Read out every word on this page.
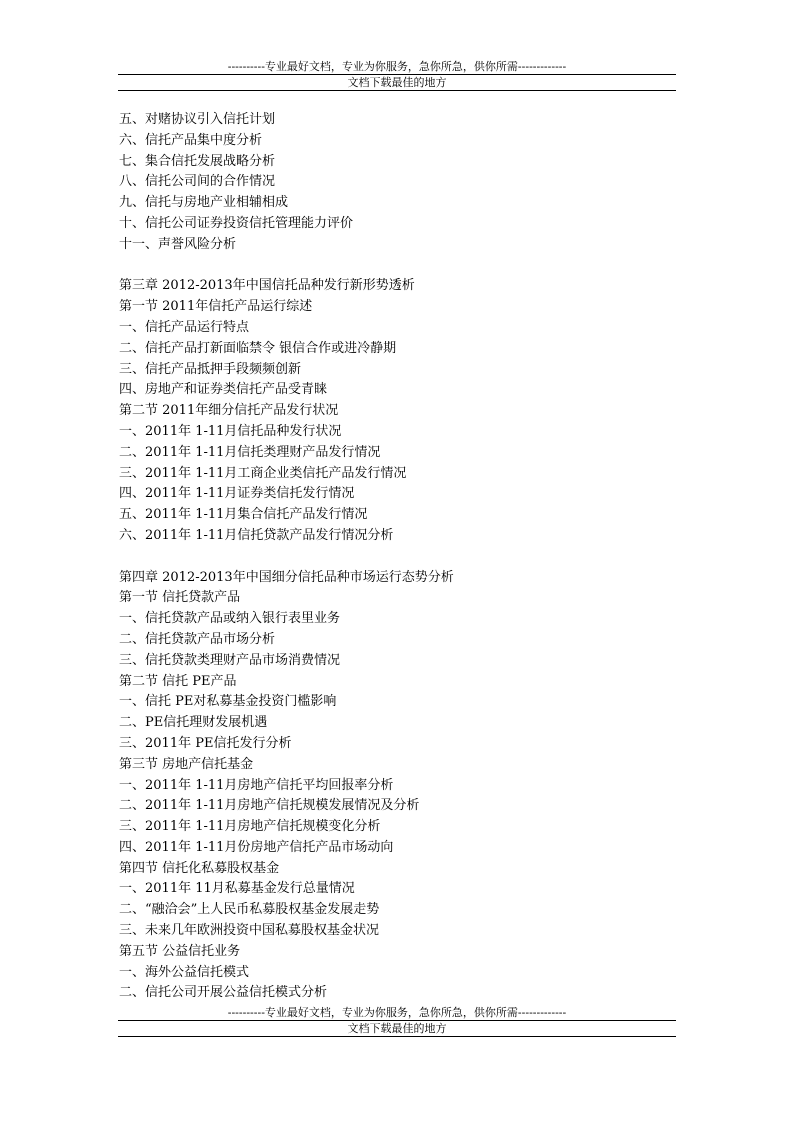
----------专业最好文档，专业为你服务，急你所急，供你所需-------------
文档下载最佳的地方
五、对赌协议引入信托计划
六、信托产品集中度分析
七、集合信托发展战略分析
八、信托公司间的合作情况
九、信托与房地产业相辅相成
十、信托公司证券投资信托管理能力评价
十一、声誉风险分析
第三章 2012-2013年中国信托品种发行新形势透析
第一节 2011年信托产品运行综述
一、信托产品运行特点
二、信托产品打新面临禁令 银信合作或进冷静期
三、信托产品抵押手段频频创新
四、房地产和证券类信托产品受青睐
第二节 2011年细分信托产品发行状况
一、2011年 1-11月信托品种发行状况
二、2011年 1-11月信托类理财产品发行情况
三、2011年 1-11月工商企业类信托产品发行情况
四、2011年 1-11月证券类信托发行情况
五、2011年 1-11月集合信托产品发行情况
六、2011年 1-11月信托贷款产品发行情况分析
第四章 2012-2013年中国细分信托品种市场运行态势分析
第一节 信托贷款产品
一、信托贷款产品或纳入银行表里业务
二、信托贷款产品市场分析
三、信托贷款类理财产品市场消费情况
第二节 信托 PE产品
一、信托 PE对私募基金投资门槛影响
二、PE信托理财发展机遇
三、2011年 PE信托发行分析
第三节 房地产信托基金
一、2011年 1-11月房地产信托平均回报率分析
二、2011年 1-11月房地产信托规模发展情况及分析
三、2011年 1-11月房地产信托规模变化分析
四、2011年 1-11月份房地产信托产品市场动向
第四节 信托化私募股权基金
一、2011年 11月私募基金发行总量情况
二、“融洽会”上人民币私募股权基金发展走势
三、未来几年欧洲投资中国私募股权基金状况
第五节 公益信托业务
一、海外公益信托模式
二、信托公司开展公益信托模式分析
----------专业最好文档，专业为你服务，急你所急，供你所需-------------
文档下载最佳的地方
